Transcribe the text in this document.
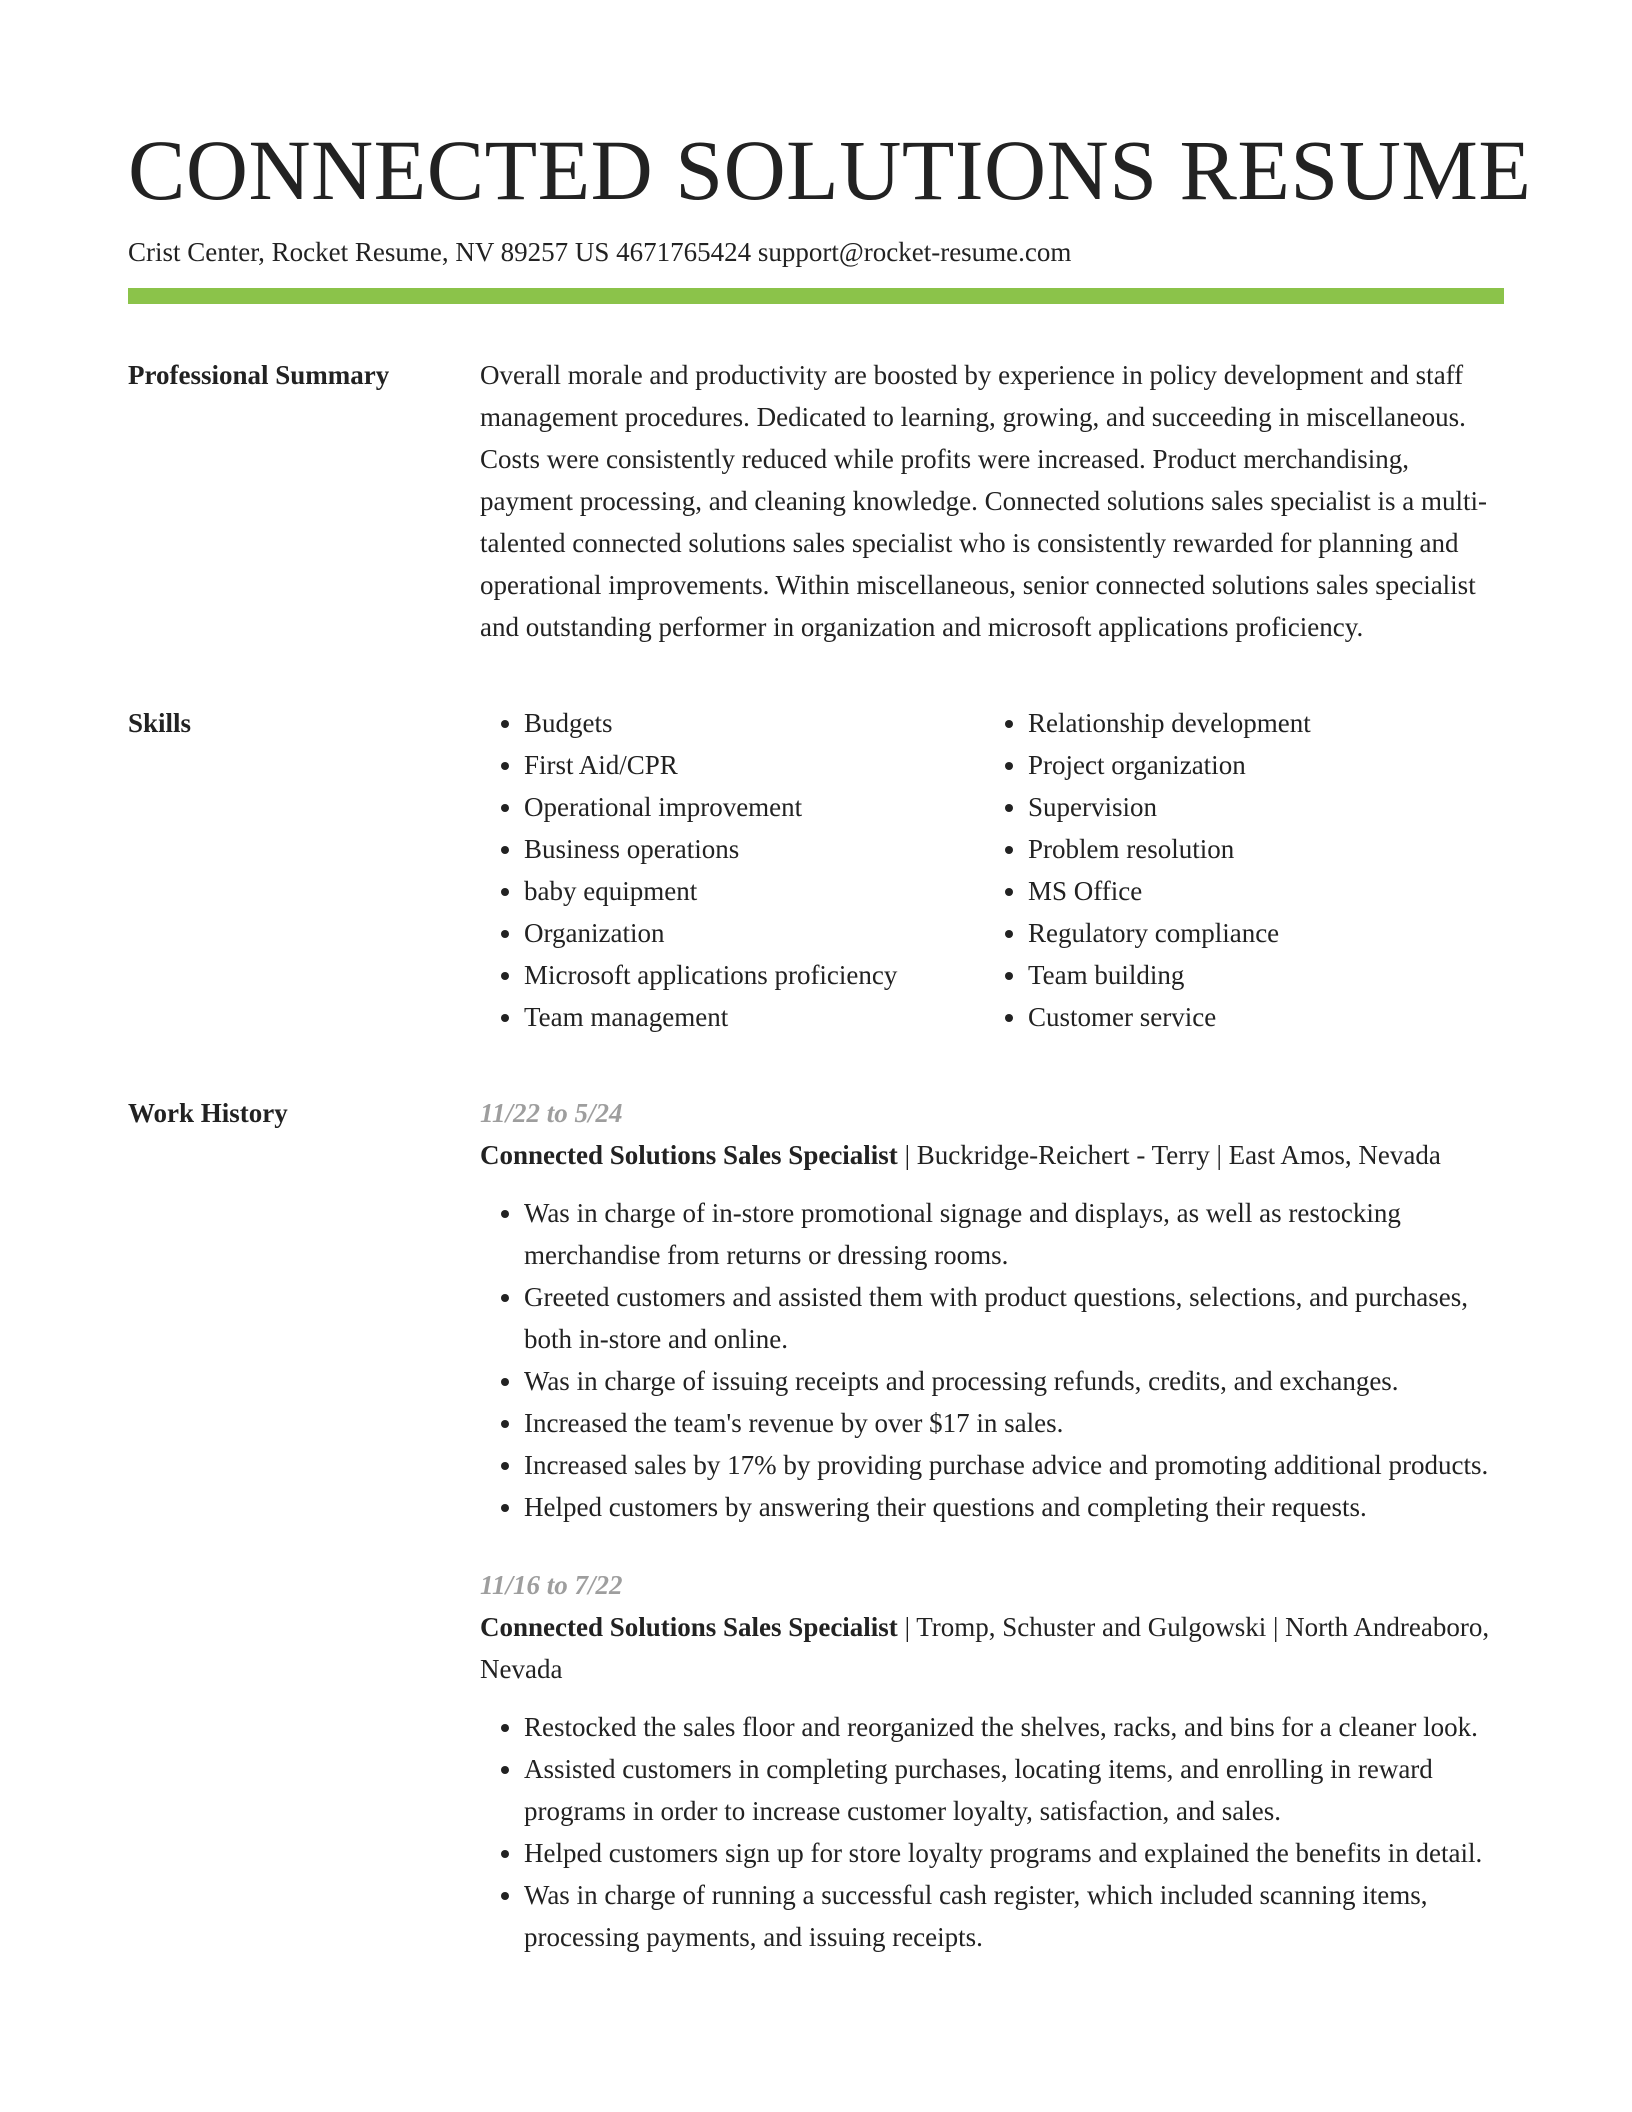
CONNECTED SOLUTIONS RESUME
Crist Center, Rocket Resume, NV 89257 US 4671765424 support@rocket-resume.com
Professional Summary	Overall morale and productivity are boosted by experience in policy development and staff management procedures. Dedicated to learning, growing, and succeeding in miscellaneous. Costs were consistently reduced while profits were increased. Product merchandising, payment processing, and cleaning knowledge. Connected solutions sales specialist is a multi-talented connected solutions sales specialist who is consistently rewarded for planning and operational improvements. Within miscellaneous, senior connected solutions sales specialist and outstanding performer in organization and microsoft applications proficiency.

Skills
•	Budgets
• First Aid/CPR
• Operational improvement
• Business operations
• baby equipment
• Organization
• Microsoft applications proficiency
• Team management
• Relationship development
• Project organization
• Supervision
• Problem resolution
• MS Office
• Regulatory compliance
• Team building
• Customer service
Work History	11/22 to 5/24
Connected Solutions Sales Specialist | Buckridge-Reichert - Terry | East Amos, Nevada
• Was in charge of in-store promotional signage and displays, as well as restocking merchandise from returns or dressing rooms.
• Greeted customers and assisted them with product questions, selections, and purchases, both in-store and online.
• Was in charge of issuing receipts and processing refunds, credits, and exchanges.
• Increased the team's revenue by over $17 in sales.
• Increased sales by 17% by providing purchase advice and promoting additional products.
• Helped customers by answering their questions and completing their requests.
11/16 to 7/22
Connected Solutions Sales Specialist | Tromp, Schuster and Gulgowski | North Andreaboro, Nevada
• Restocked the sales floor and reorganized the shelves, racks, and bins for a cleaner look.
• Assisted customers in completing purchases, locating items, and enrolling in reward programs in order to increase customer loyalty, satisfaction, and sales.
• Helped customers sign up for store loyalty programs and explained the benefits in detail.
• Was in charge of running a successful cash register, which included scanning items, processing payments, and issuing receipts.
